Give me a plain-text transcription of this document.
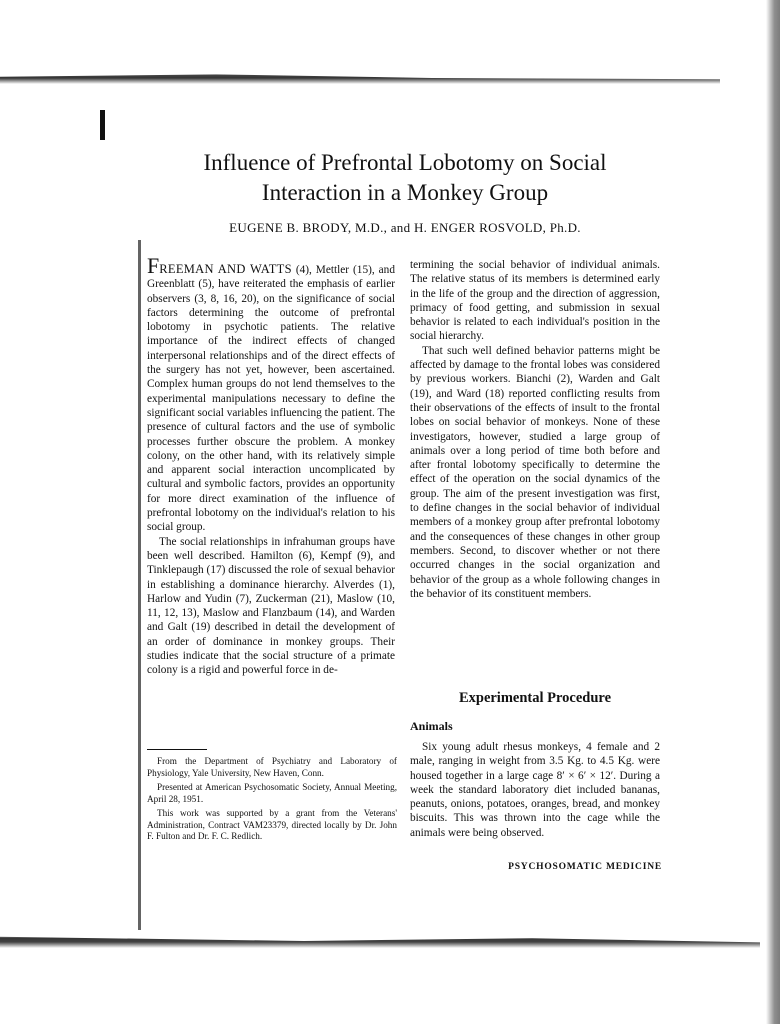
Influence of Prefrontal Lobotomy on Social
Interaction in a Monkey Group

EUGENE B. BRODY, M.D., and H. ENGER ROSVOLD, Ph.D.

FREEMAN AND WATTS (4), Mettler (15), and Greenblatt (5), have reiterated the emphasis of earlier observers (3, 8, 16, 20), on the significance of social factors determining the outcome of prefrontal lobotomy in psychotic patients. The relative importance of the indirect effects of changed interpersonal relationships and of the direct effects of the surgery has not yet, however, been ascertained. Complex human groups do not lend themselves to the experimental manipulations necessary to define the significant social variables influencing the patient. The presence of cultural factors and the use of symbolic processes further obscure the problem. A monkey colony, on the other hand, with its relatively simple and apparent social interaction uncomplicated by cultural and symbolic factors, provides an opportunity for more direct examination of the influence of prefrontal lobotomy on the individual's relation to his social group.

The social relationships in infrahuman groups have been well described. Hamilton (6), Kempf (9), and Tinklepaugh (17) discussed the role of sexual behavior in establishing a dominance hierarchy. Alverdes (1), Harlow and Yudin (7), Zuckerman (21), Maslow (10, 11, 12, 13), Maslow and Flanzbaum (14), and Warden and Galt (19) described in detail the development of an order of dominance in monkey groups. Their studies indicate that the social structure of a primate colony is a rigid and powerful force in de-

From the Department of Psychiatry and Laboratory of Physiology, Yale University, New Haven, Conn.

Presented at American Psychosomatic Society, Annual Meeting, April 28, 1951.

This work was supported by a grant from the Veterans' Administration, Contract VAM23379, directed locally by Dr. John F. Fulton and Dr. F. C. Redlich.

termining the social behavior of individual animals. The relative status of its members is determined early in the life of the group and the direction of aggression, primacy of food getting, and submission in sexual behavior is related to each individual's position in the social hierarchy.

That such well defined behavior patterns might be affected by damage to the frontal lobes was considered by previous workers. Bianchi (2), Warden and Galt (19), and Ward (18) reported conflicting results from their observations of the effects of insult to the frontal lobes on social behavior of monkeys. None of these investigators, however, studied a large group of animals over a long period of time both before and after frontal lobotomy specifically to determine the effect of the operation on the social dynamics of the group. The aim of the present investigation was first, to define changes in the social behavior of individual members of a monkey group after prefrontal lobotomy and the consequences of these changes in other group members. Second, to discover whether or not there occurred changes in the social organization and behavior of the group as a whole following changes in the behavior of its constituent members.

Experimental Procedure
Animals

Six young adult rhesus monkeys, 4 female and 2 male, ranging in weight from 3.5 Kg. to 4.5 Kg. were housed together in a large cage 8′ × 6′ × 12′. During a week the standard laboratory diet included bananas, peanuts, onions, potatoes, oranges, bread, and monkey biscuits. This was thrown into the cage while the animals were being observed.

PSYCHOSOMATIC MEDICINE
